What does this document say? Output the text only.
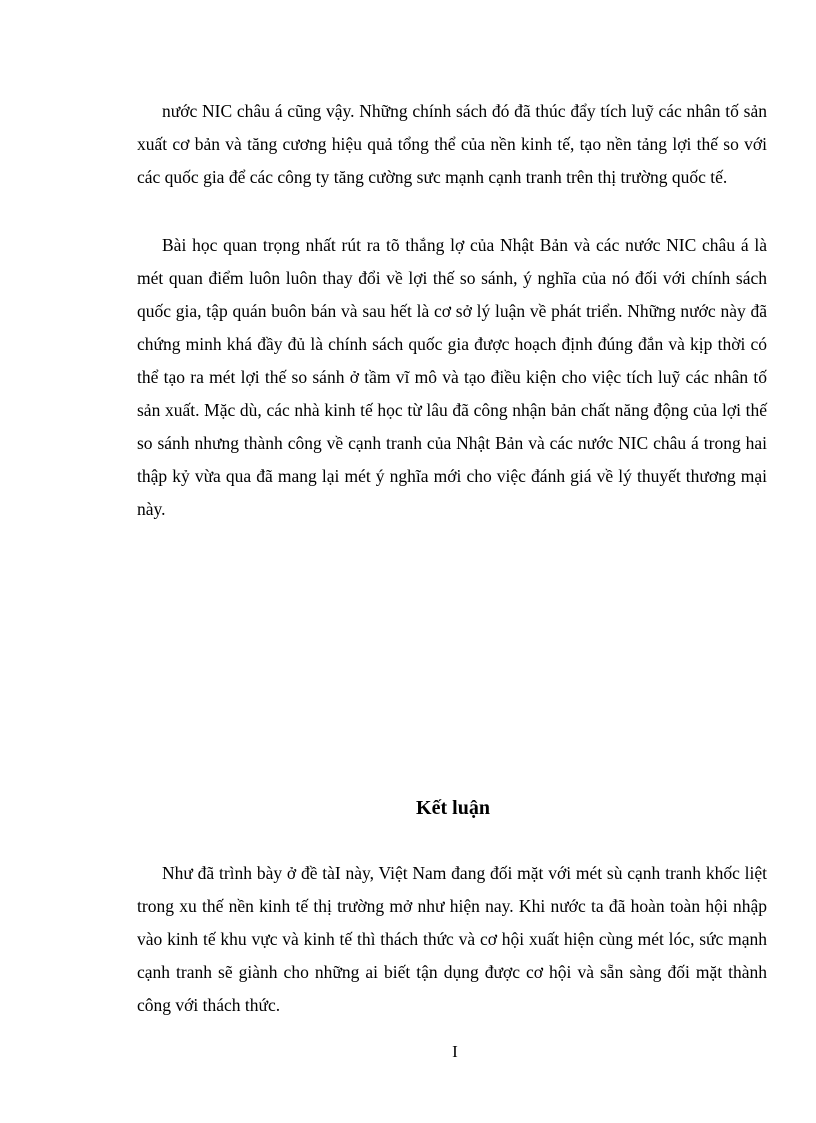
nước NIC châu á cũng vậy. Những chính sách đó đã thúc đẩy tích luỹ các nhân tố sản xuất cơ bản và tăng cương hiệu quả tổng thể của nền kinh tế, tạo nền tảng lợi thế so với các quốc gia để các công ty tăng cường sưc mạnh cạnh tranh trên thị trường quốc tế.

Bài học quan trọng nhất rút ra tõ thắng lợ của Nhật Bản và các nước NIC châu á là mét quan điểm luôn luôn thay đổi về lợi thế so sánh, ý nghĩa của nó đối với chính sách quốc gia, tập quán buôn bán và sau hết là cơ sở lý luận về phát triển. Những nước này đã chứng minh khá đầy đủ là chính sách quốc gia được hoạch định đúng đắn và kịp thời có thể tạo ra mét lợi thế so sánh ở tầm vĩ mô và tạo điều kiện cho việc tích luỹ các nhân tố sản xuất. Mặc dù, các nhà kinh tế học từ lâu đã công nhận bản chất năng động của lợi thế so sánh nhưng thành công về cạnh tranh của Nhật Bản và các nước NIC châu á trong hai thập kỷ vừa qua đã mang lại mét ý nghĩa mới cho việc đánh giá về lý thuyết thương mại này.

Kết luận

Như đã trình bày ở đề tàI này, Việt Nam đang đối mặt với mét sù cạnh tranh khốc liệt trong xu thế nền kinh tế thị trường mở như hiện nay. Khi nước ta đã hoàn toàn hội nhập vào kinh tế khu vực và kinh tế thì thách thức và cơ hội xuất hiện cùng mét lóc, sức mạnh cạnh tranh sẽ giành cho những ai biết tận dụng được cơ hội và sẵn sàng đối mặt thành công với thách thức.

I
